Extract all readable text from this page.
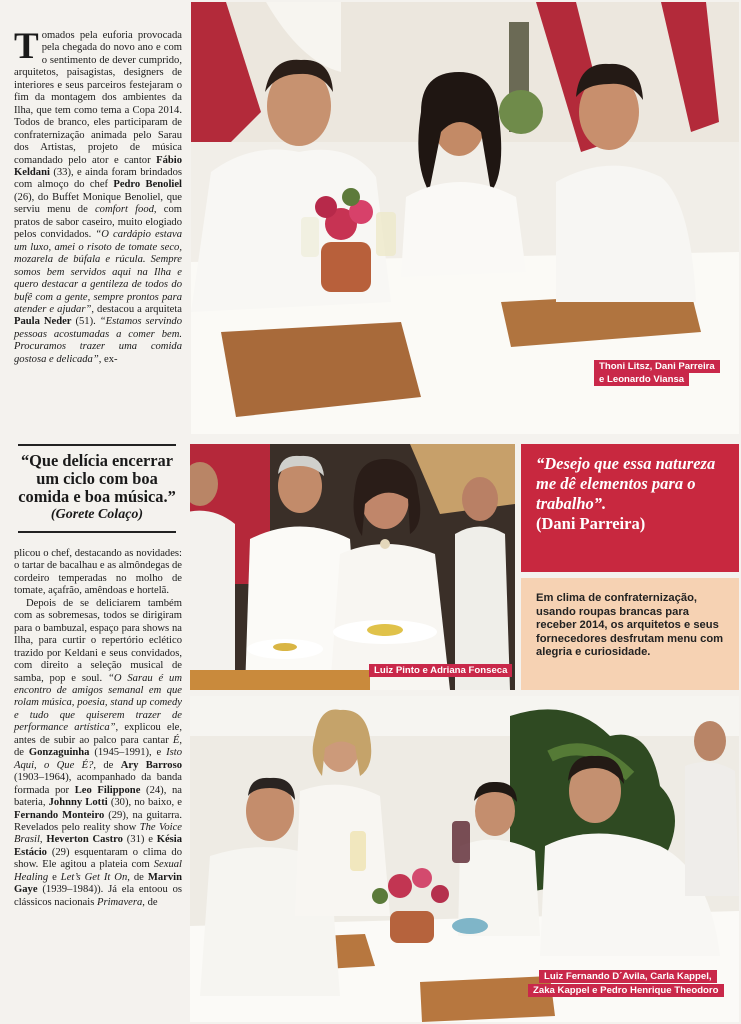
Tomados pela euforia provocada pela chegada do novo ano e com o sentimento de dever cumprido, arquitetos, paisagistas, designers de interiores e seus parceiros festejaram o fim da montagem dos ambientes da Ilha, que tem como tema a Copa 2014. Todos de branco, eles participaram de confraternização animada pelo Sarau dos Artistas, projeto de música comandado pelo ator e cantor Fábio Keldani (33), e ainda foram brindados com almoço do chef Pedro Benoliel (26), do Buffet Monique Benoliel, que serviu menu de comfort food, com pratos de sabor caseiro, muito elogiado pelos convidados. “O cardápio estava um luxo, amei o risoto de tomate seco, mozarela de búfala e rúcula. Sempre somos bem servidos aqui na Ilha e quero destacar a gentileza de todos do bufê com a gente, sempre prontos para atender e ajudar”, destacou a arquiteta Paula Neder (51). “Estamos servindo pessoas acostumadas a comer bem. Procuramos trazer uma comida gostosa e delicada”, ex-
“Que delícia encerrar um ciclo com boa comida e boa música.”
(Gorete Colaço)

plicou o chef, destacando as novidades: o tartar de bacalhau e as almôndegas de cordeiro temperadas no molho de tomate, açafrão, amêndoas e hortelã.

Depois de se deliciarem também com as sobremesas, todos se dirigiram para o bambuzal, espaço para shows na Ilha, para curtir o repertório eclético trazido por Keldani e seus convidados, com direito a seleção musical de samba, pop e soul. “O Sarau é um encontro de amigos semanal em que rolam música, poesia, stand up comedy e tudo que quiserem trazer de performance artística”, explicou ele, antes de subir ao palco para cantar É, de Gonzaguinha (1945–1991), e Isto Aqui, o Que É?, de Ary Barroso (1903–1964), acompanhado da banda formada por Leo Filippone (24), na bateria, Johnny Lotti (30), no baixo, e Fernando Monteiro (29), na guitarra. Revelados pelo reality show The Voice Brasil, Heverton Castro (31) e Késia Estácio (29) esquentaram o clima do show. Ele agitou a plateia com Sexual Healing e Let’s Get It On, de Marvin Gaye (1939–1984)). Já ela entoou os clássicos nacionais Primavera, de

Thoni Litsz, Dani Parreira
e Leonardo Viansa
Luiz Pinto e Adriana Fonseca
“Desejo que essa natureza me dê elementos para o trabalho”.
(Dani Parreira)
Em clima de confraternização, usando roupas brancas para receber 2014, os arquitetos e seus fornecedores desfrutam menu com alegria e curiosidade.
Luiz Fernando D´Avila, Carla Kappel,
Zaka Kappel e Pedro Henrique Theodoro
